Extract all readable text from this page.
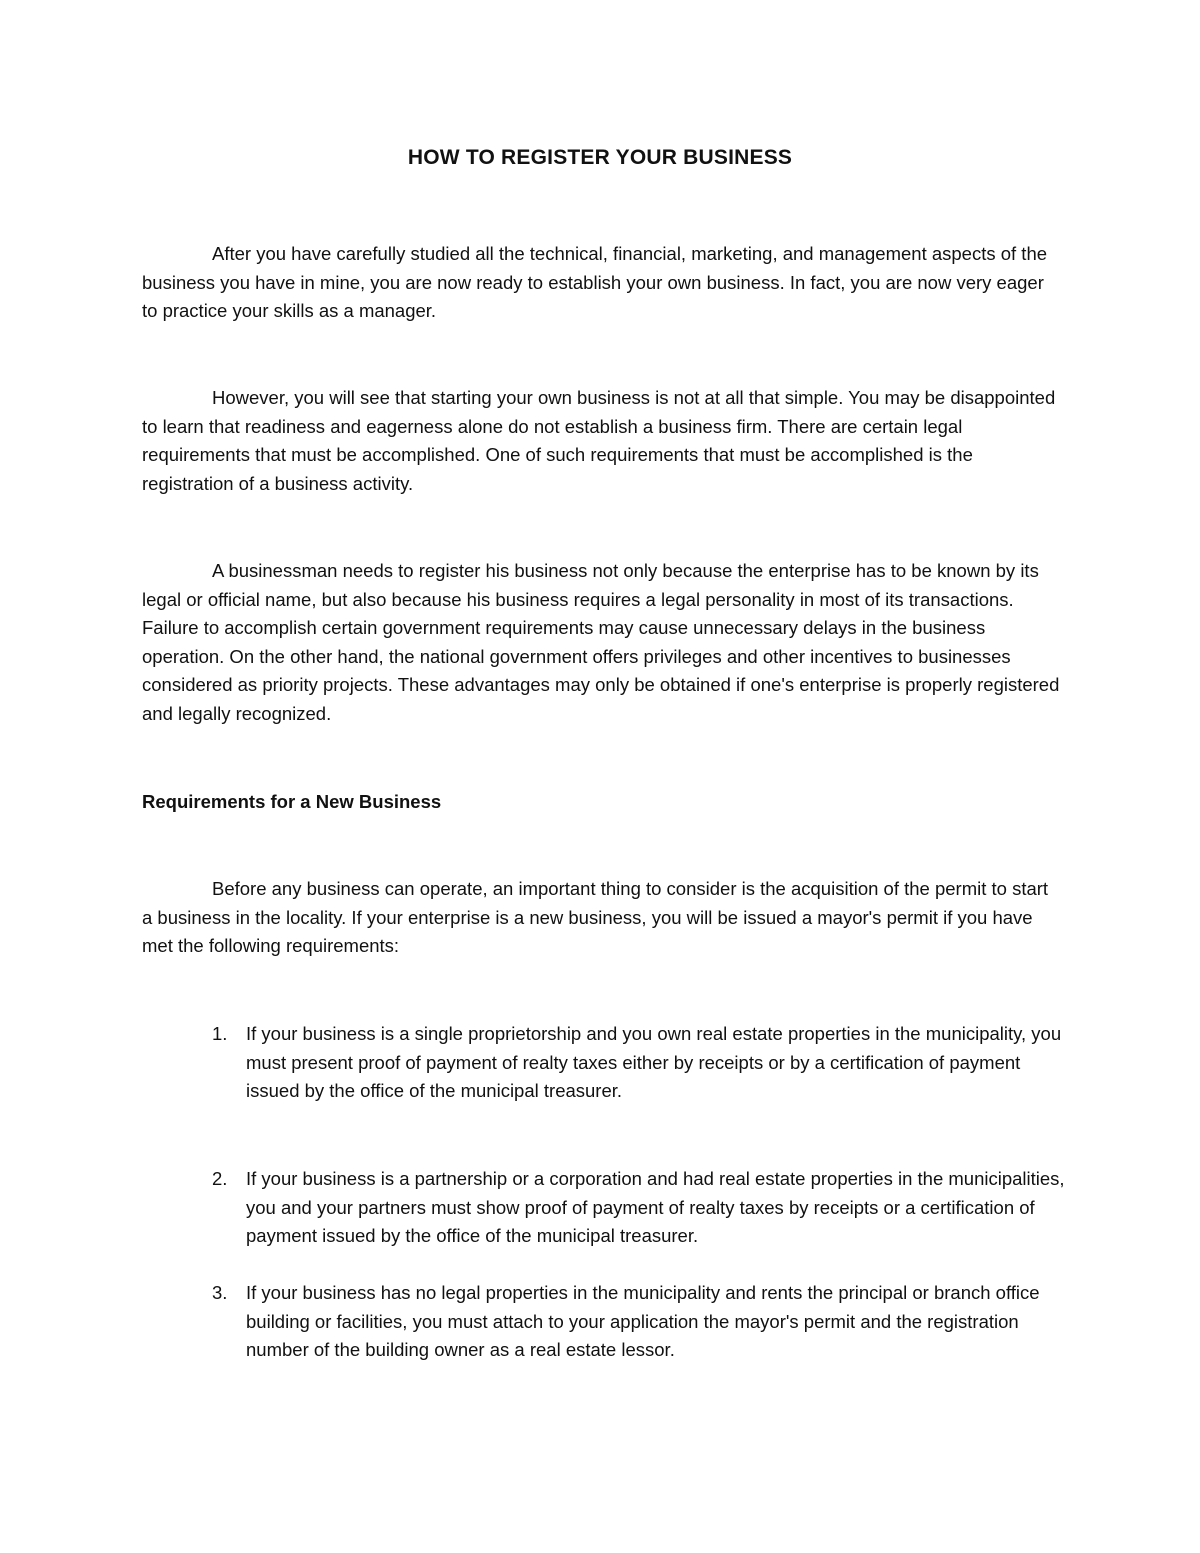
HOW TO REGISTER YOUR BUSINESS

After you have carefully studied all the technical, financial, marketing, and management aspects of the business you have in mine, you are now ready to establish your own business. In fact, you are now very eager to practice your skills as a manager.

However, you will see that starting your own business is not at all that simple. You may be disappointed to learn that readiness and eagerness alone do not establish a business firm. There are certain legal requirements that must be accomplished. One of such requirements that must be accomplished is the registration of a business activity.

A businessman needs to register his business not only because the enterprise has to be known by its legal or official name, but also because his business requires a legal personality in most of its transactions. Failure to accomplish certain government requirements may cause unnecessary delays in the business operation. On the other hand, the national government offers privileges and other incentives to businesses considered as priority projects. These advantages may only be obtained if one's enterprise is properly registered and legally recognized.

Requirements for a New Business

Before any business can operate, an important thing to consider is the acquisition of the permit to start a business in the locality. If your enterprise is a new business, you will be issued a mayor's permit if you have met the following requirements:

1.	If your business is a single proprietorship and you own real estate properties in the municipality, you must present proof of payment of realty taxes either by receipts or by a certification of payment issued by the office of the municipal treasurer.
2.	If your business is a partnership or a corporation and had real estate properties in the municipalities, you and your partners must show proof of payment of realty taxes by receipts or a certification of payment issued by the office of the municipal treasurer.
3.	If your business has no legal properties in the municipality and rents the principal or branch office building or facilities, you must attach to your application the mayor's permit and the registration number of the building owner as a real estate lessor.
